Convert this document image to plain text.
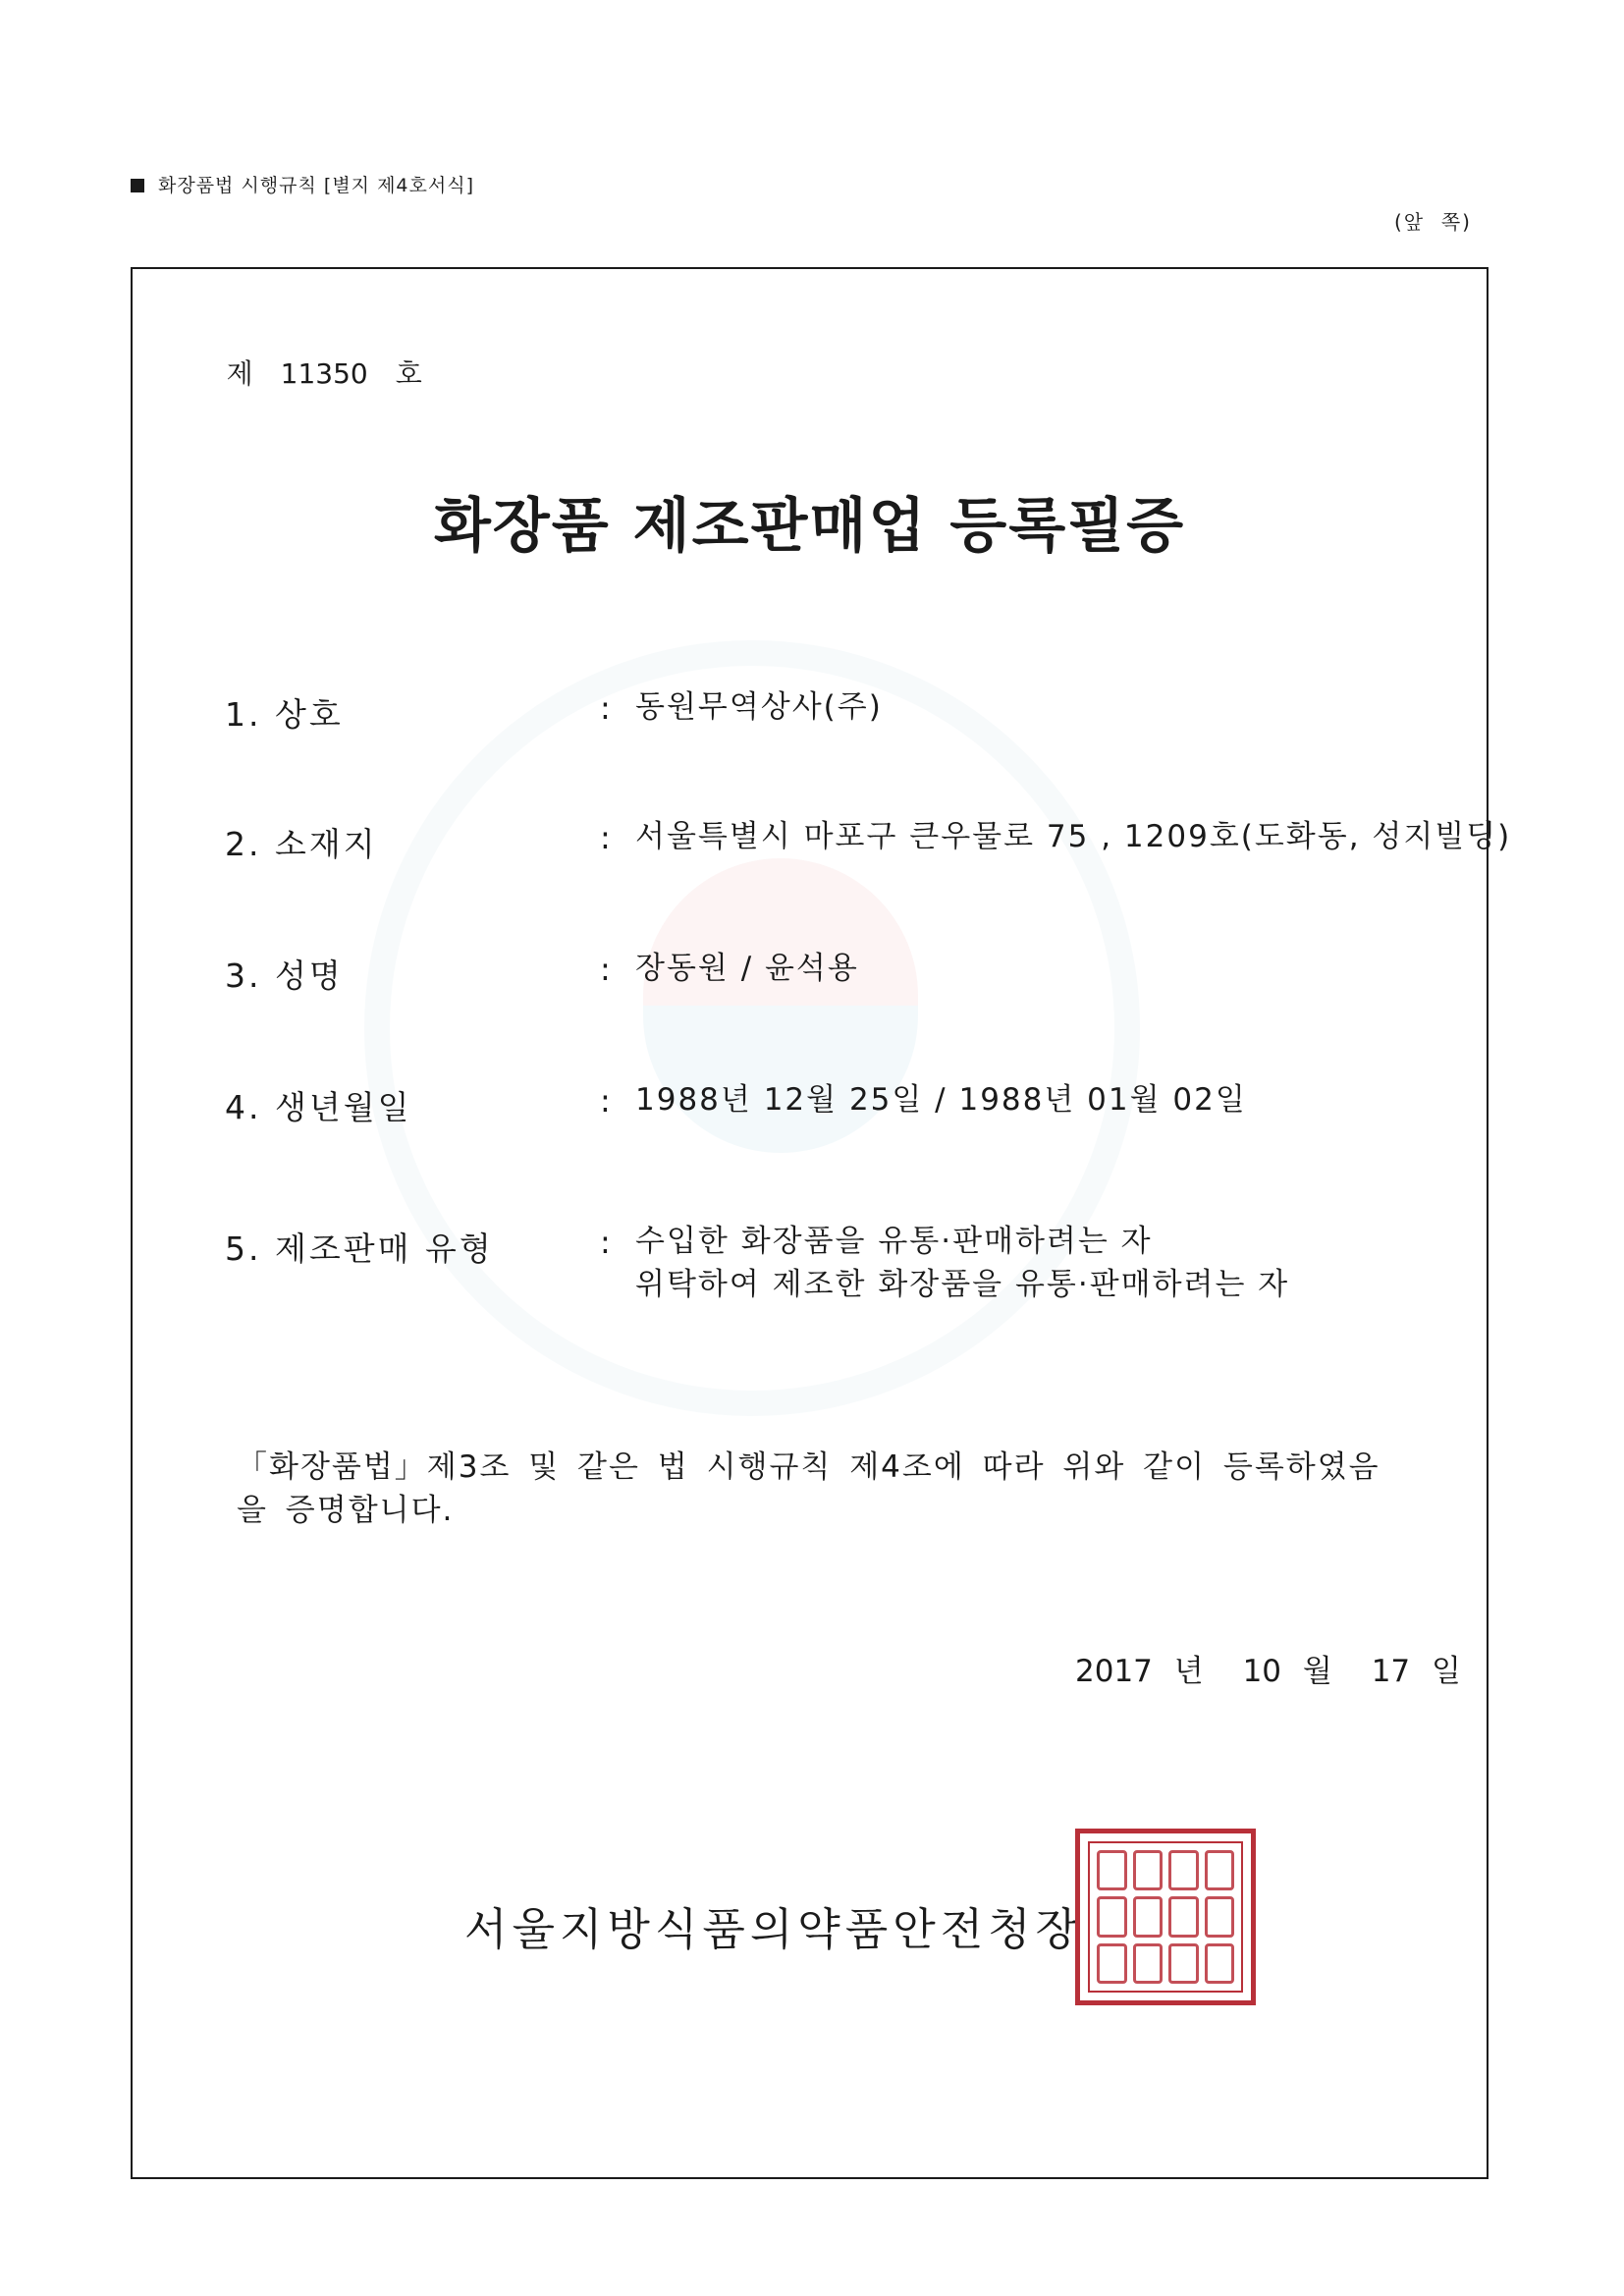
화장품법 시행규칙 [별지 제4호서식]
(앞  쪽)

제 11350 호

화장품 제조판매업 등록필증
1. 상호	: 동원무역상사(주)
2. 소재지	: 서울특별시 마포구 큰우물로 75 , 1209호(도화동, 성지빌딩)
3. 성명	: 장동원 / 윤석용
4. 생년월일	: 1988년 12월 25일 / 1988년 01월 02일
5. 제조판매 유형	: 수입한 화장품을 유통·판매하려는 자
위탁하여 제조한 화장품을 유통·판매하려는 자
「화장품법」제3조 및 같은 법 시행규칙 제4조에 따라 위와 같이 등록하였음을 증명합니다.
2017 년 10 월 17 일
서울지방식품의약품안전청장
